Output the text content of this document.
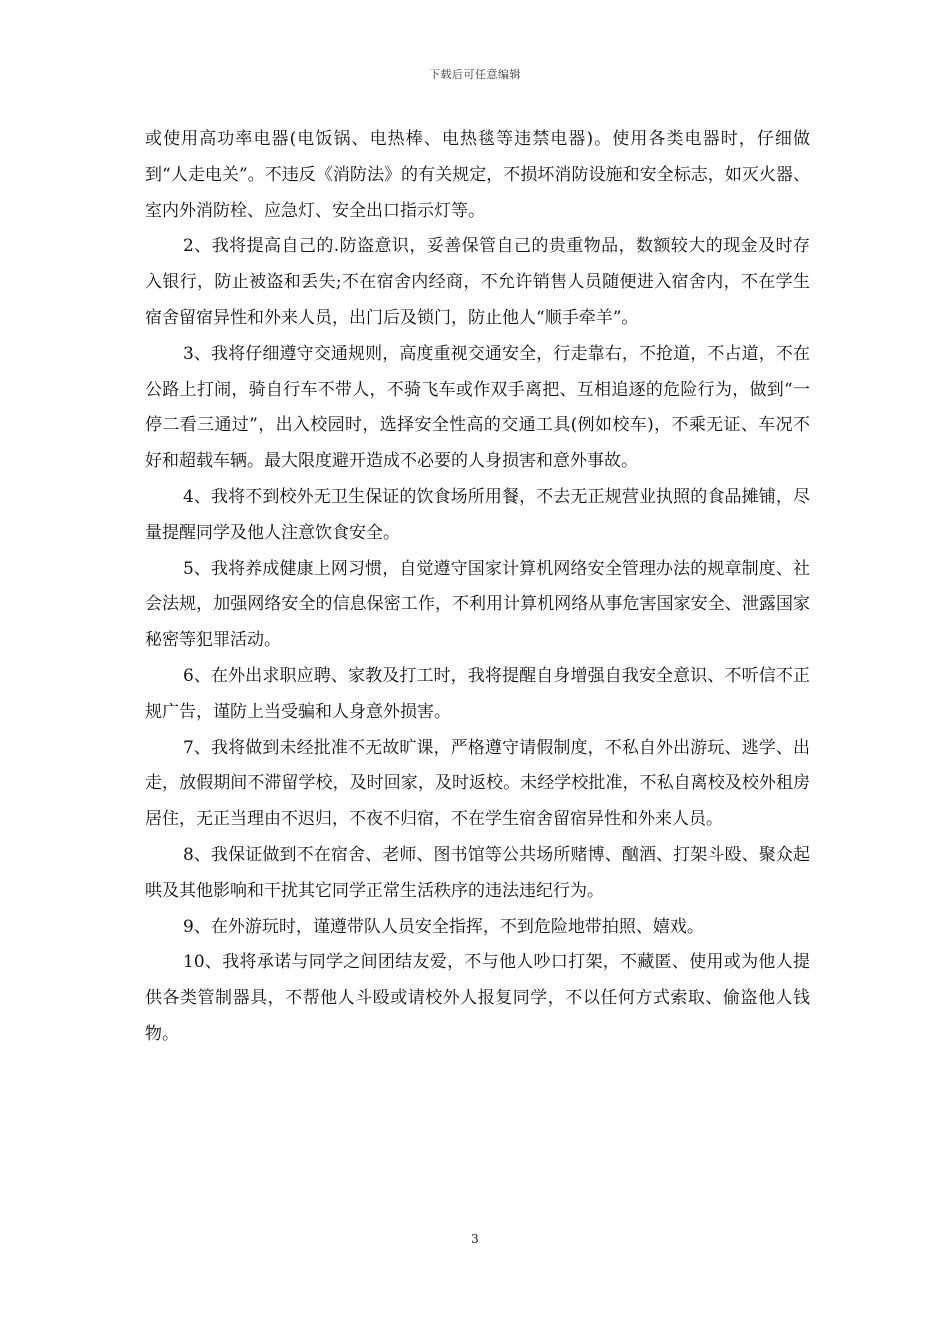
下载后可任意编辑

或使用高功率电器(电饭锅、电热棒、电热毯等违禁电器)。使用各类电器时，仔细做到“人走电关”。不违反《消防法》的有关规定，不损坏消防设施和安全标志，如灭火器、室内外消防栓、应急灯、安全出口指示灯等。

2、我将提高自己的.防盗意识，妥善保管自己的贵重物品，数额较大的现金及时存入银行，防止被盗和丢失;不在宿舍内经商，不允许销售人员随便进入宿舍内，不在学生宿舍留宿异性和外来人员，出门后及锁门，防止他人“顺手牵羊”。

3、我将仔细遵守交通规则，高度重视交通安全，行走靠右，不抢道，不占道，不在公路上打闹，骑自行车不带人，不骑飞车或作双手离把、互相追逐的危险行为，做到“一停二看三通过”，出入校园时，选择安全性高的交通工具(例如校车)，不乘无证、车况不好和超载车辆。最大限度避开造成不必要的人身损害和意外事故。

4、我将不到校外无卫生保证的饮食场所用餐，不去无正规营业执照的食品摊铺，尽量提醒同学及他人注意饮食安全。

5、我将养成健康上网习惯，自觉遵守国家计算机网络安全管理办法的规章制度、社会法规，加强网络安全的信息保密工作，不利用计算机网络从事危害国家安全、泄露国家秘密等犯罪活动。

6、在外出求职应聘、家教及打工时，我将提醒自身增强自我安全意识、不听信不正规广告，谨防上当受骗和人身意外损害。

7、我将做到未经批准不无故旷课，严格遵守请假制度，不私自外出游玩、逃学、出走，放假期间不滞留学校，及时回家，及时返校。未经学校批准，不私自离校及校外租房居住，无正当理由不迟归，不夜不归宿，不在学生宿舍留宿异性和外来人员。

8、我保证做到不在宿舍、老师、图书馆等公共场所赌博、酗酒、打架斗殴、聚众起哄及其他影响和干扰其它同学正常生活秩序的违法违纪行为。

9、在外游玩时，谨遵带队人员安全指挥，不到危险地带拍照、嬉戏。

10、我将承诺与同学之间团结友爱，不与他人吵口打架，不藏匿、使用或为他人提供各类管制器具，不帮他人斗殴或请校外人报复同学，不以任何方式索取、偷盗他人钱物。

3
